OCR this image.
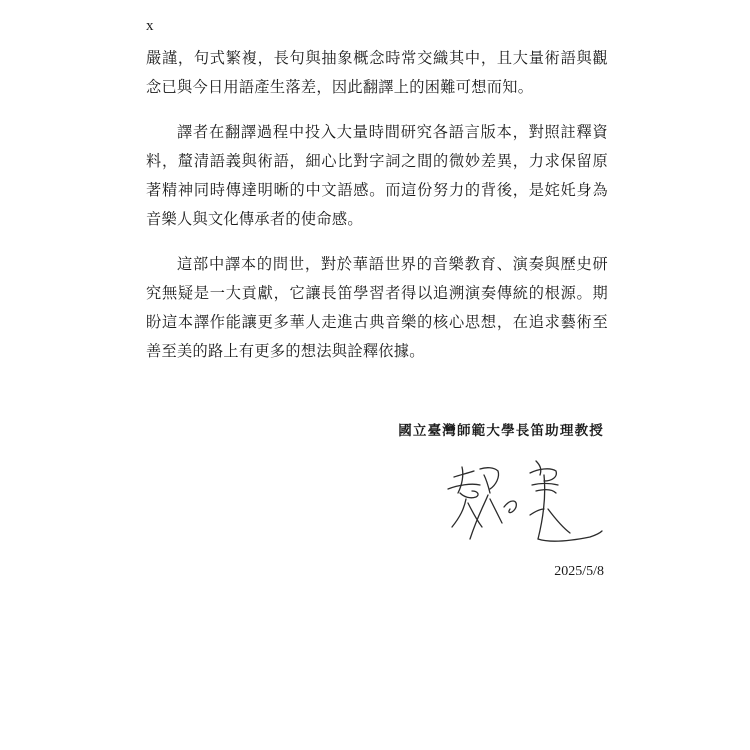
x

嚴謹，句式繁複，長句與抽象概念時常交織其中，且大量術語與觀念已與今日用語產生落差，因此翻譯上的困難可想而知。

譯者在翻譯過程中投入大量時間研究各語言版本，對照註釋資料，釐清語義與術語，細心比對字詞之間的微妙差異，力求保留原著精神同時傳達明晰的中文語感。而這份努力的背後，是姹奼身為音樂人與文化傳承者的使命感。

這部中譯本的問世，對於華語世界的音樂教育、演奏與歷史研究無疑是一大貢獻，它讓長笛學習者得以追溯演奏傳統的根源。期盼這本譯作能讓更多華人走進古典音樂的核心思想，在追求藝術至善至美的路上有更多的想法與詮釋依據。

國立臺灣師範大學長笛助理教授
2025/5/8
